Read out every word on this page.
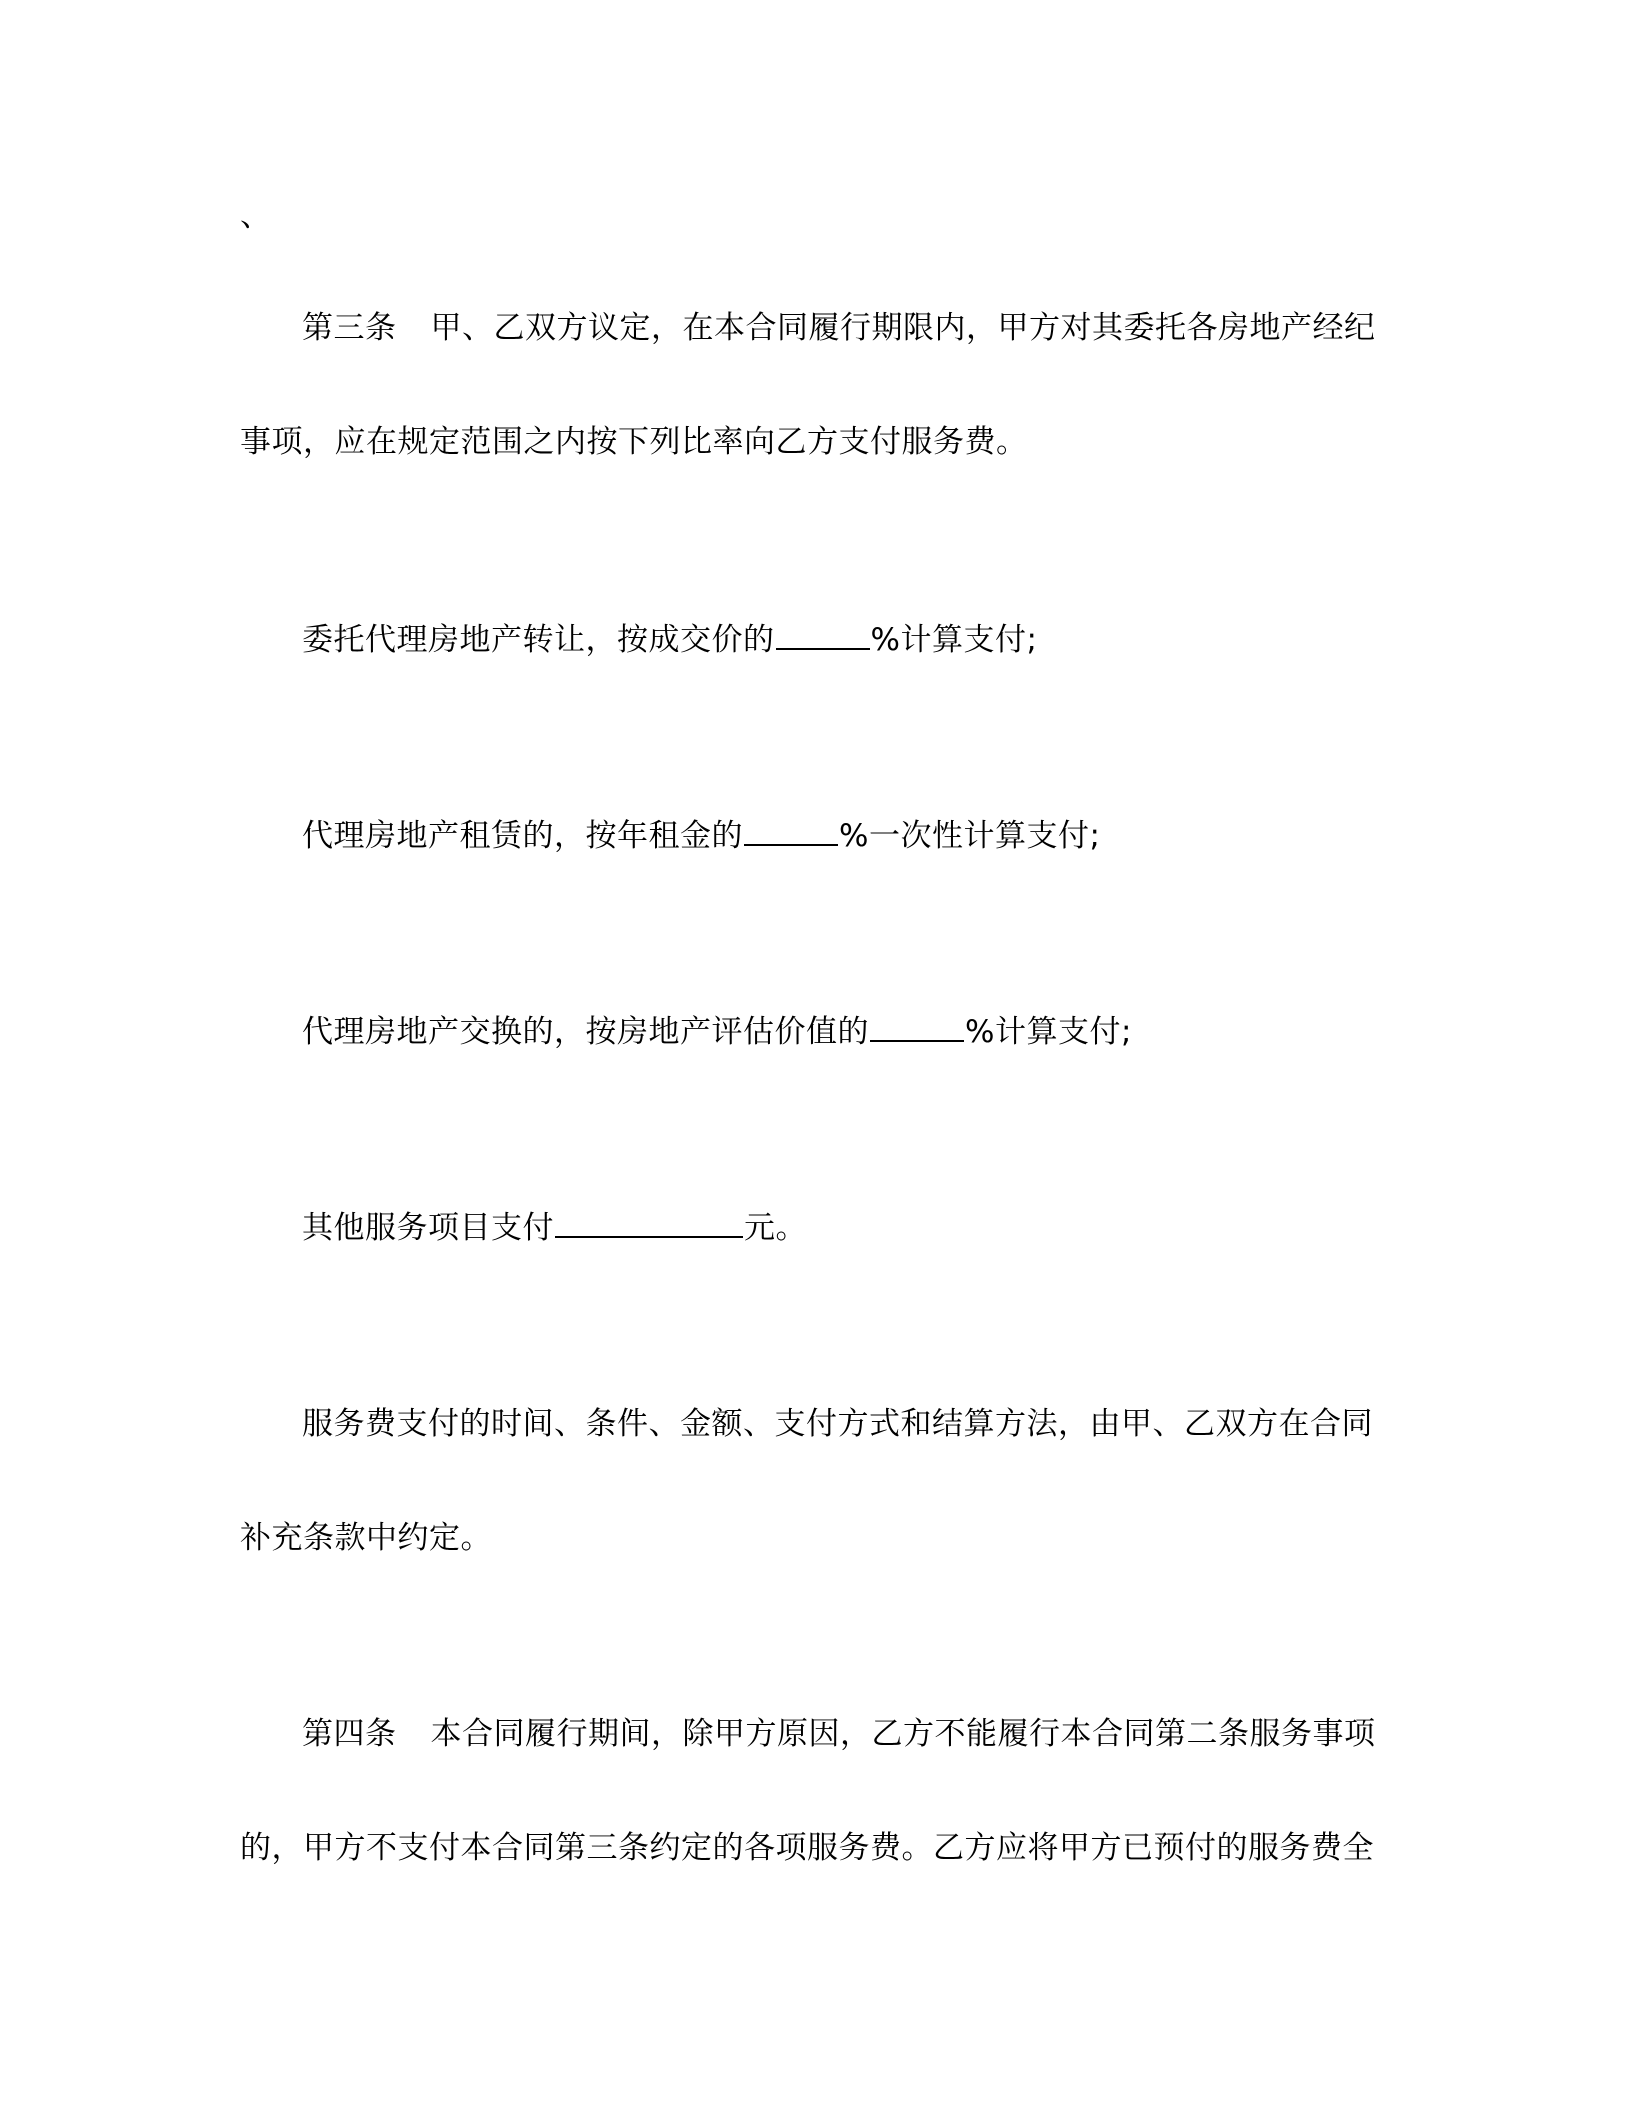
、
第三条 甲、乙双方议定，在本合同履行期限内，甲方对其委托各房地产经纪
事项，应在规定范围之内按下列比率向乙方支付服务费。
委托代理房地产转让，按成交价的	%计算支付;
代理房地产租赁的，按年租金的	%一次性计算支付;
代理房地产交换的，按房地产评估价值的	%计算支付;
其他服务项目支付	元。
服务费支付的时间、条件、金额、支付方式和结算方法，由甲、乙双方在合同
补充条款中约定。
第四条 本合同履行期间，除甲方原因，乙方不能履行本合同第二条服务事项
的，甲方不支付本合同第三条约定的各项服务费。乙方应将甲方已预付的服务费全
